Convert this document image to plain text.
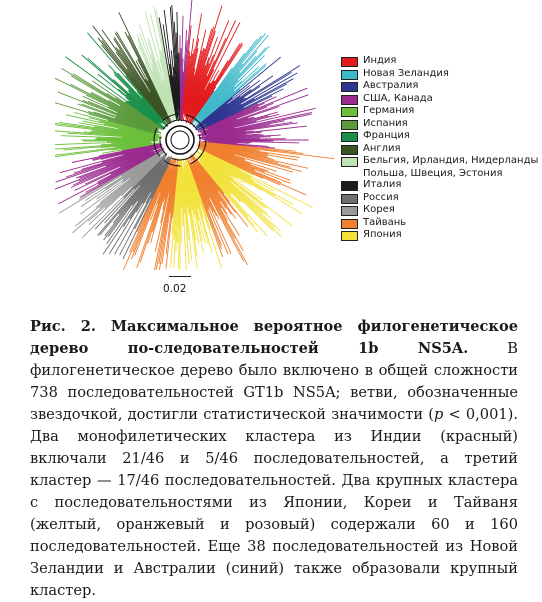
0.02
Индия
Новая Зеландия
Австралия
США, Канада
Германия
Испания
Франция
Англия
Бельгия, Ирландия, Нидерланды
Польша, Швеция, Эстония
Италия
Россия
Корея
Тайвань
Япония
Рис. 2. Максимальное вероятное филогенетическое дерево по-следовательностей 1b NS5A. В филогенетическое дерево было включено в общей сложности 738 последовательностей GT1b NS5A; ветви, обозначенные звездочкой, достигли статистической значимости (p < 0,001). Два монофилетических кластера из Индии (красный) включали 21/46 и 5/46 последовательностей, а третий кластер — 17/46 последовательностей. Два крупных кластера с последовательностями из Японии, Кореи и Тайваня (желтый, оранжевый и розовый) содержали 60 и 160 последовательностей. Еще 38 последовательностей из Новой Зеландии и Австралии (синий) также образовали крупный кластер.
